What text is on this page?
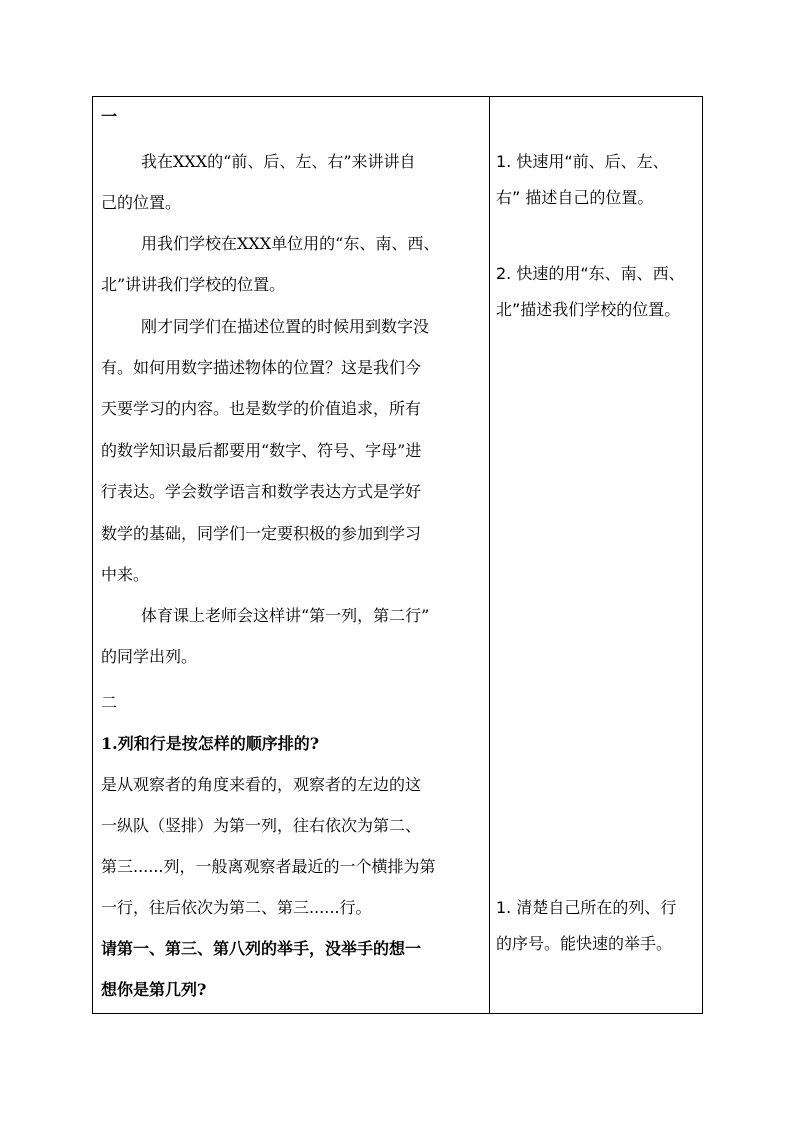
一
我在XXX的“前、后、左、右”来讲讲自
己的位置。
用我们学校在XXX单位用的“东、南、西、
北”讲讲我们学校的位置。
刚才同学们在描述位置的时候用到数字没
有。如何用数字描述物体的位置？这是我们今
天要学习的内容。也是数学的价值追求，所有
的数学知识最后都要用“数字、符号、字母”进
行表达。学会数学语言和数学表达方式是学好
数学的基础，同学们一定要积极的参加到学习
中来。
体育课上老师会这样讲“第一列，第二行”
的同学出列。
二
1.列和行是按怎样的顺序排的?
是从观察者的角度来看的，观察者的左边的这
一纵队（竖排）为第一列，往右依次为第二、
第三......列，一般离观察者最近的一个横排为第
一行，往后依次为第二、第三......行。
请第一、第三、第八列的举手，没举手的想一
想你是第几列?
1. 快速用“前、后、左、
右” 描述自己的位置。
2. 快速的用“东、南、西、
北”描述我们学校的位置。
1. 清楚自己所在的列、行
的序号。能快速的举手。
